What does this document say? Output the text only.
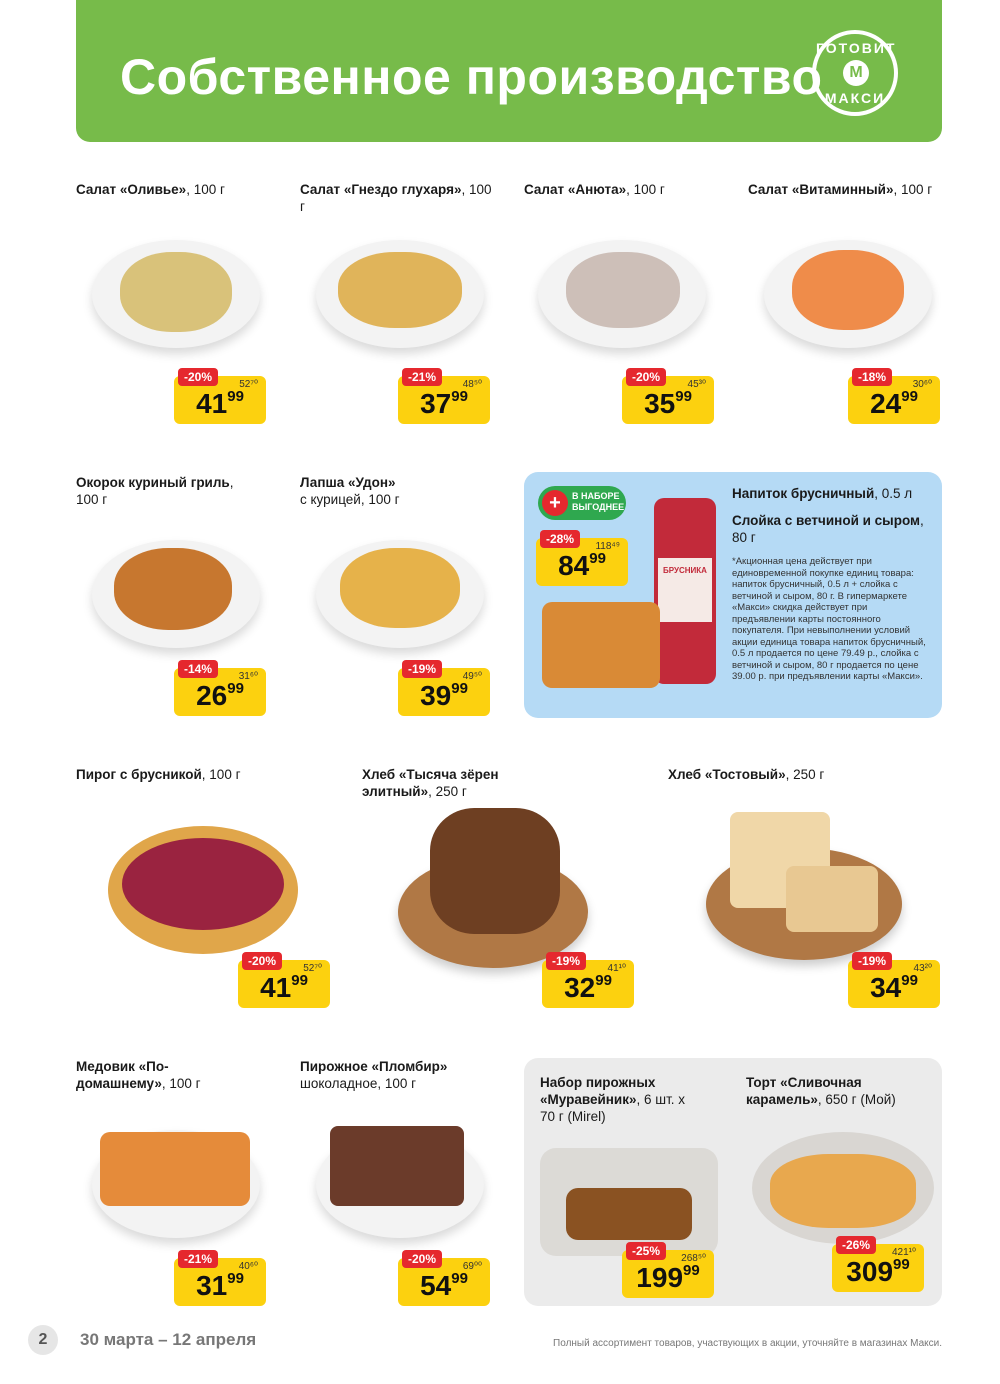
Собственное производство
ГОТОВИТ
М
МАКСИ
Салат «Оливье», 100 г
-20%
52⁷⁰
$41^{99}$
Салат «Гнездо глухаря», 100 г
-21%
48⁵⁰
$37^{99}$
Салат «Анюта», 100 г
-20%
45³⁰
$35^{99}$
Салат «Витаминный», 100 г
-18%
30⁶⁰
$24^{99}$
Окорок куриный гриль, 100 г
-14%
31⁶⁰
$26^{99}$
Лапша «Удон»
с курицей, 100 г
-19%
49⁵⁰
$39^{99}$
+	В НАБОРЕ ВЫГОДНЕЕ
-28%
118⁴⁹
$84^{99}$
БРУСНИКА
Напиток брусничный, 0.5 л
Слойка с ветчиной и сыром, 80 г
*Акционная цена действует при единовременной покупке единиц товара: напиток брусничный, 0.5 л + слойка с ветчиной и сыром, 80 г. В гипермаркете «Макси» скидка действует при предъявлении карты постоянного покупателя. При невыполнении условий акции единица товара напиток брусничный, 0.5 л продается по цене 79.49 р., слойка с ветчиной и сыром, 80 г продается по цене 39.00 р. при предъявлении карты «Макси».
Пирог с брусникой, 100 г
-20%
52⁷⁰
$41^{99}$
Хлеб «Тысяча зёрен элитный», 250 г
-19%
41¹⁰
$32^{99}$
Хлеб «Тостовый», 250 г
-19%
43²⁰
$34^{99}$
Медовик «По-домашнему», 100 г
-21%
40⁶⁰
$31^{99}$
Пирожное «Пломбир»
шоколадное, 100 г
-20%
69⁰⁰
$54^{99}$
Набор пирожных «Муравейник», 6 шт. х 70 г (Mirel)
-25%
268⁵⁰
$199^{99}$
Торт «Сливочная карамель», 650 г (Мой)
-26%
421¹⁰
$309^{99}$
2	30 марта – 12 апреля	Полный ассортимент товаров, участвующих в акции, уточняйте в магазинах Макси.
